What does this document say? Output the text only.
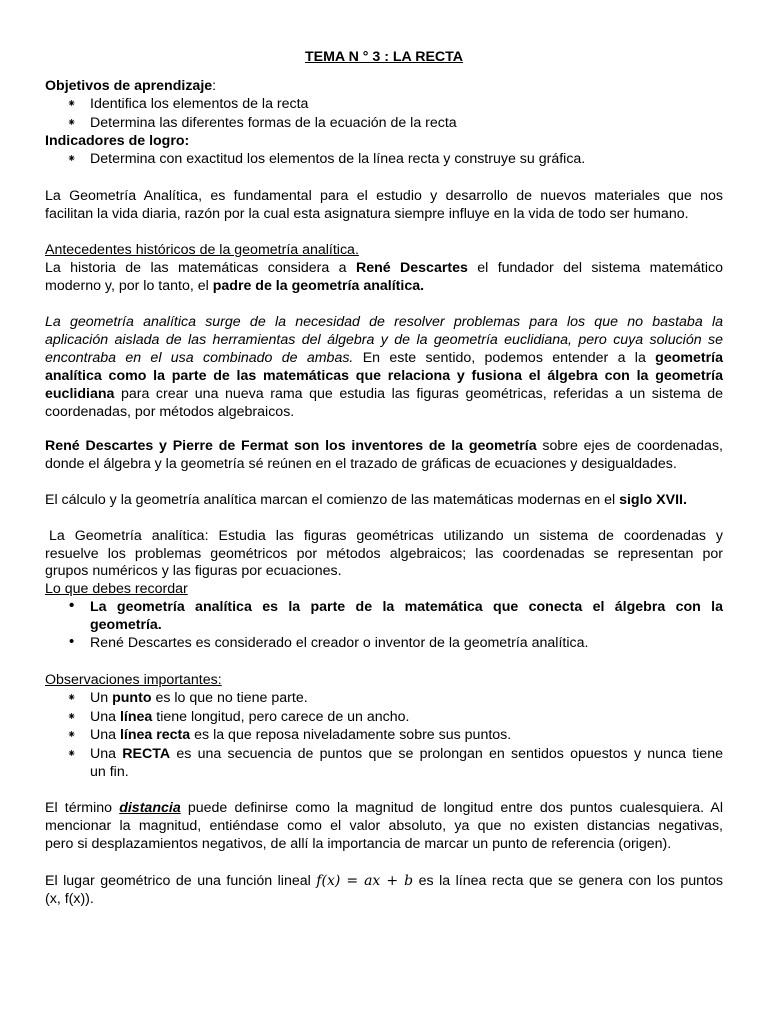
TEMA N ° 3 : LA RECTA
Objetivos de aprendizaje:
⁕ Identifica los elementos de la recta
⁕ Determina las diferentes formas de la ecuación de la recta
Indicadores de logro:
⁕ Determina con exactitud los elementos de la línea recta y construye su gráfica.
La Geometría Analítica, es fundamental para el estudio y desarrollo de nuevos materiales que nos
facilitan la vida diaria, razón por la cual esta asignatura siempre influye en la vida de todo ser humano.
Antecedentes históricos de la geometría analítica.
La historia de las matemáticas considera a René Descartes el fundador del sistema matemático
moderno y, por lo tanto, el padre de la geometría analítica.
La geometría analítica surge de la necesidad de resolver problemas para los que no bastaba la
aplicación aislada de las herramientas del álgebra y de la geometría euclidiana, pero cuya solución se
encontraba en el usa combinado de ambas. En este sentido, podemos entender a la geometría
analítica como la parte de las matemáticas que relaciona y fusiona el álgebra con la geometría
euclidiana para crear una nueva rama que estudia las figuras geométricas, referidas a un sistema de
coordenadas, por métodos algebraicos.
René Descartes y Pierre de Fermat son los inventores de la geometría sobre ejes de coordenadas,
donde el álgebra y la geometría sé reúnen en el trazado de gráficas de ecuaciones y desigualdades.
El cálculo y la geometría analítica marcan el comienzo de las matemáticas modernas en el siglo XVII.
La Geometría analítica: Estudia las figuras geométricas utilizando un sistema de coordenadas y
resuelve los problemas geométricos por métodos algebraicos; las coordenadas se representan por
grupos numéricos y las figuras por ecuaciones.
Lo que debes recordar
• La geometría analítica es la parte de la matemática que conecta el álgebra con la
geometría.
• René Descartes es considerado el creador o inventor de la geometría analítica.
Observaciones importantes:
⁕ Un punto es lo que no tiene parte.
⁕ Una línea tiene longitud, pero carece de un ancho.
⁕ Una línea recta es la que reposa niveladamente sobre sus puntos.
⁕ Una RECTA es una secuencia de puntos que se prolongan en sentidos opuestos y nunca tiene
un fin.
El término distancia puede definirse como la magnitud de longitud entre dos puntos cualesquiera. Al
mencionar la magnitud, entiéndase como el valor absoluto, ya que no existen distancias negativas,
pero si desplazamientos negativos, de allí la importancia de marcar un punto de referencia (origen).
El lugar geométrico de una función lineal f(x) = ax + b es la línea recta que se genera con los puntos
(x, f(x)).
